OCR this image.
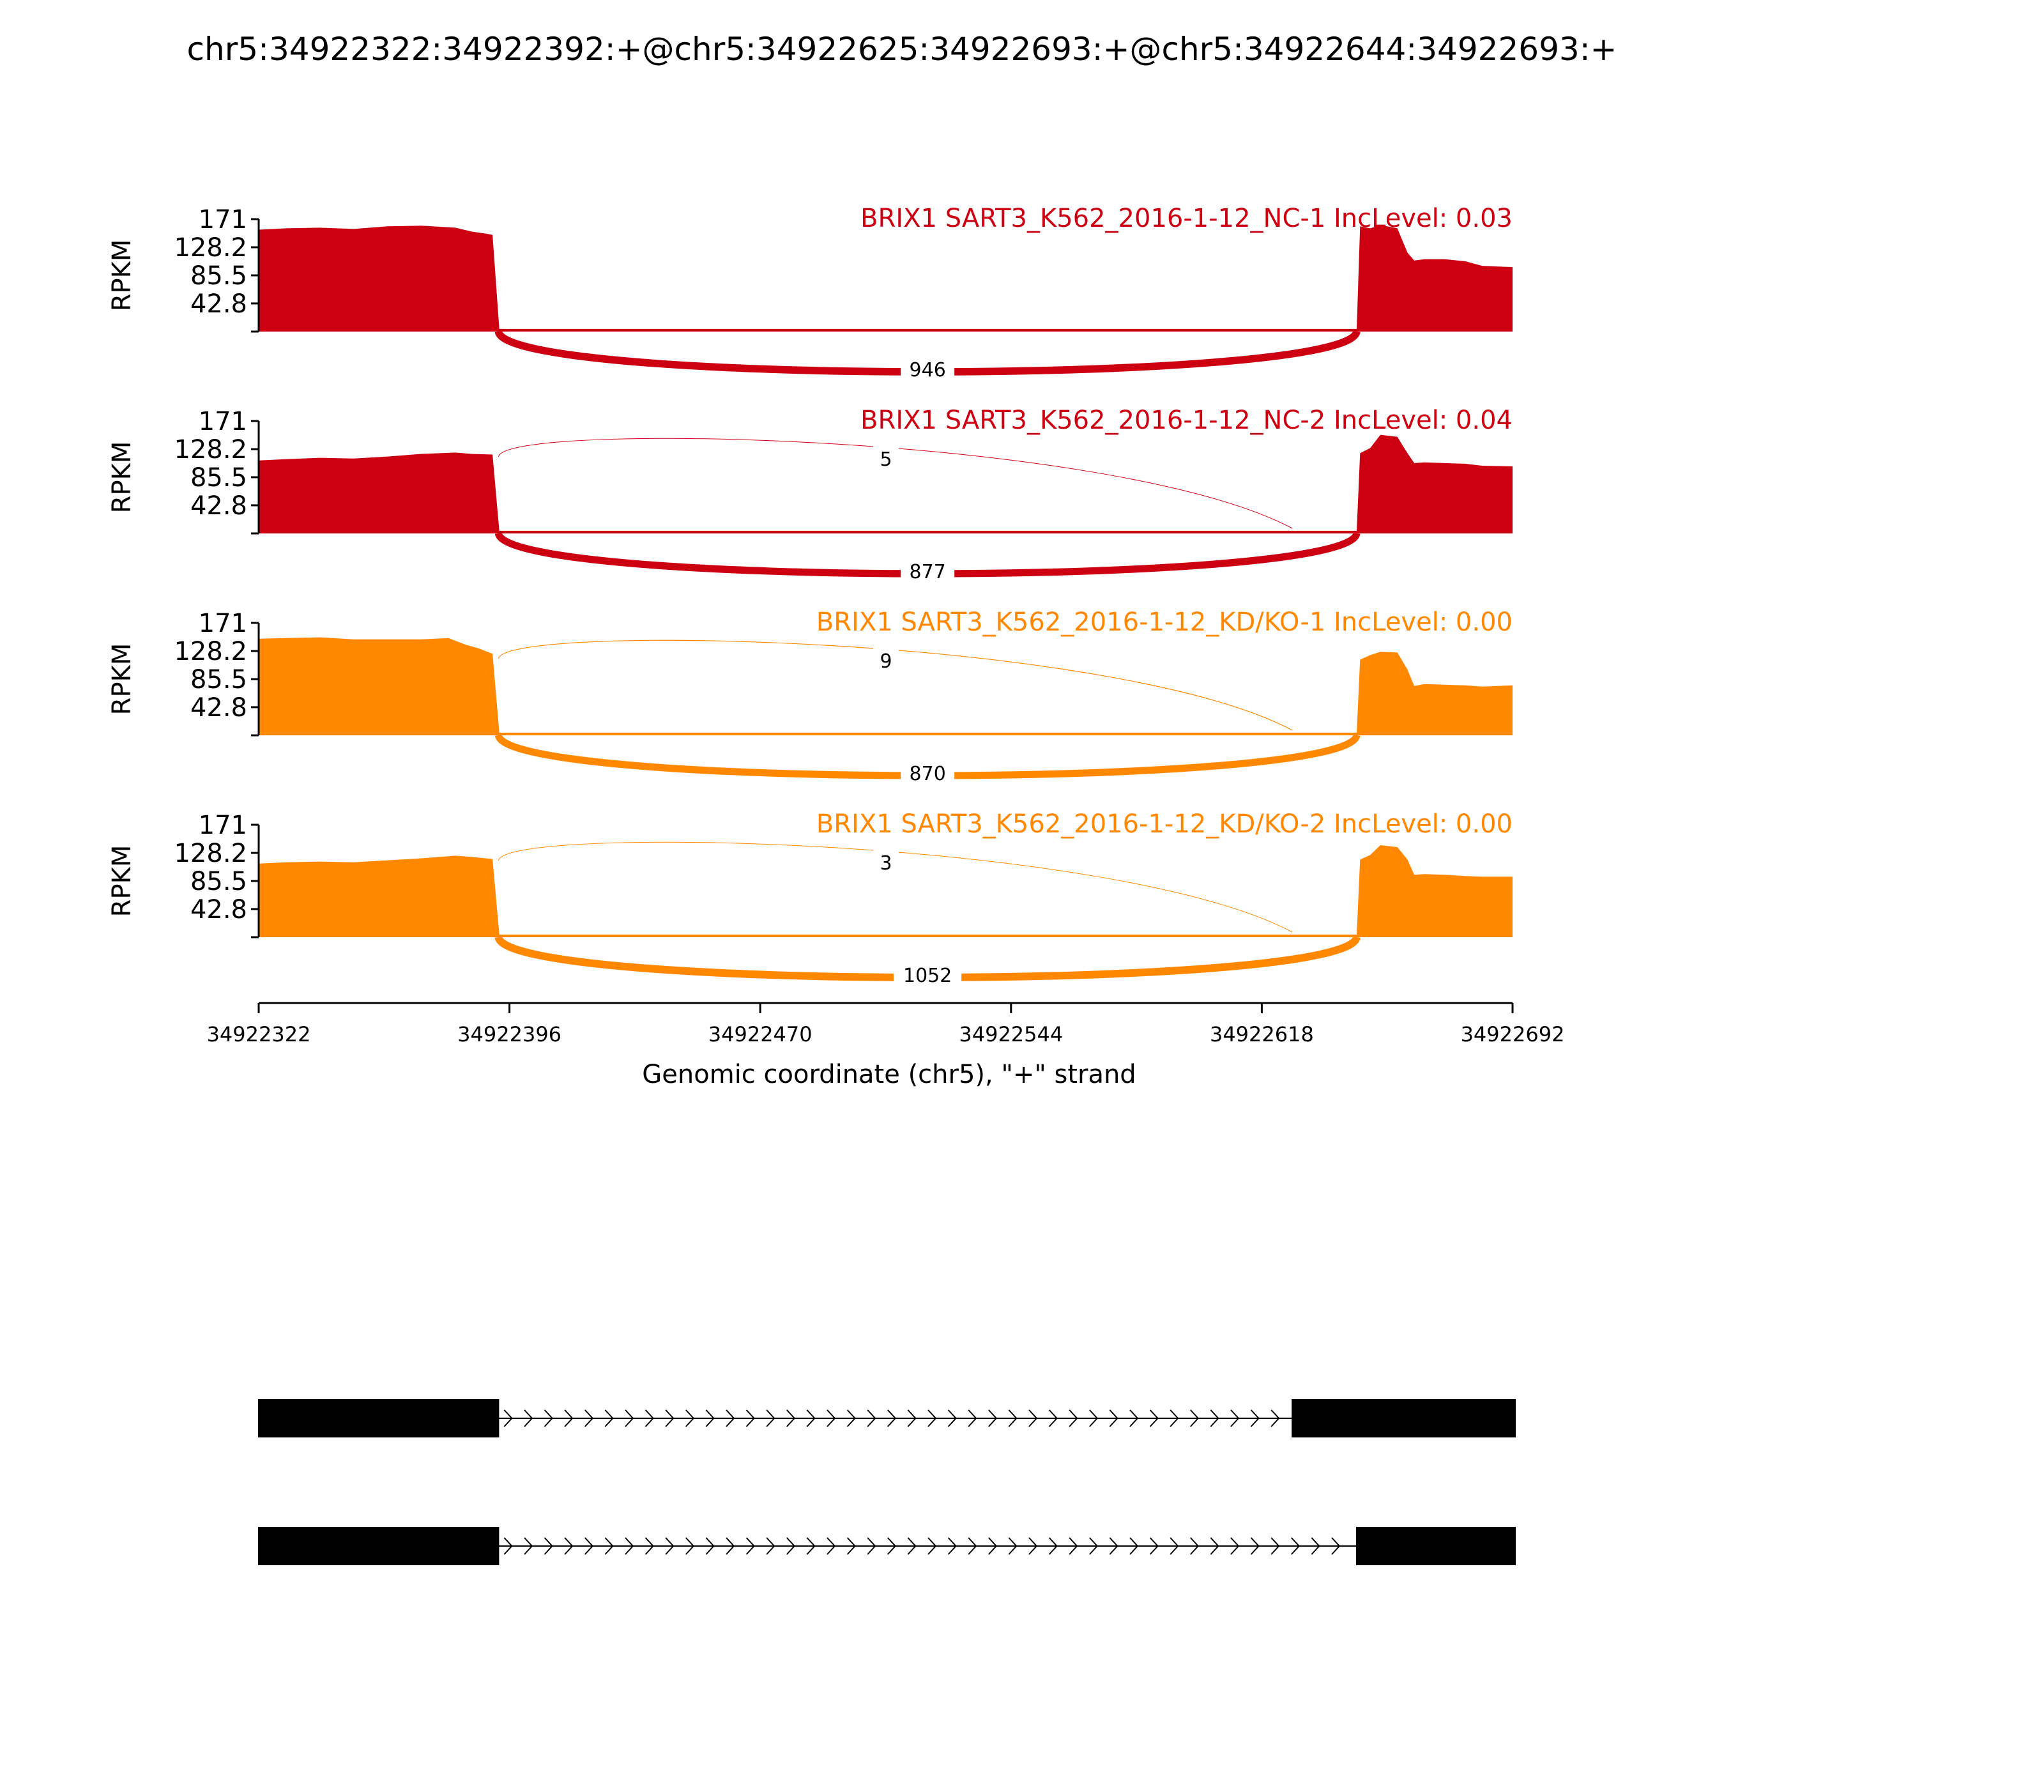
chr5:34922322:34922392:+@chr5:34922625:34922693:+@chr5:34922644:34922693:+
171
128.2
85.5
42.8
RPKM
BRIX1 SART3_K562_2016-1-12_NC-1 IncLevel: 0.03
946
171
128.2
85.5
42.8
RPKM
BRIX1 SART3_K562_2016-1-12_NC-2 IncLevel: 0.04
5
877
171
128.2
85.5
42.8
RPKM
BRIX1 SART3_K562_2016-1-12_KD/KO-1 IncLevel: 0.00
9
870
171
128.2
85.5
42.8
RPKM
BRIX1 SART3_K562_2016-1-12_KD/KO-2 IncLevel: 0.00
3
1052
34922322	34922396	34922470	34922544	34922618	34922692
Genomic coordinate (chr5), "+" strand
